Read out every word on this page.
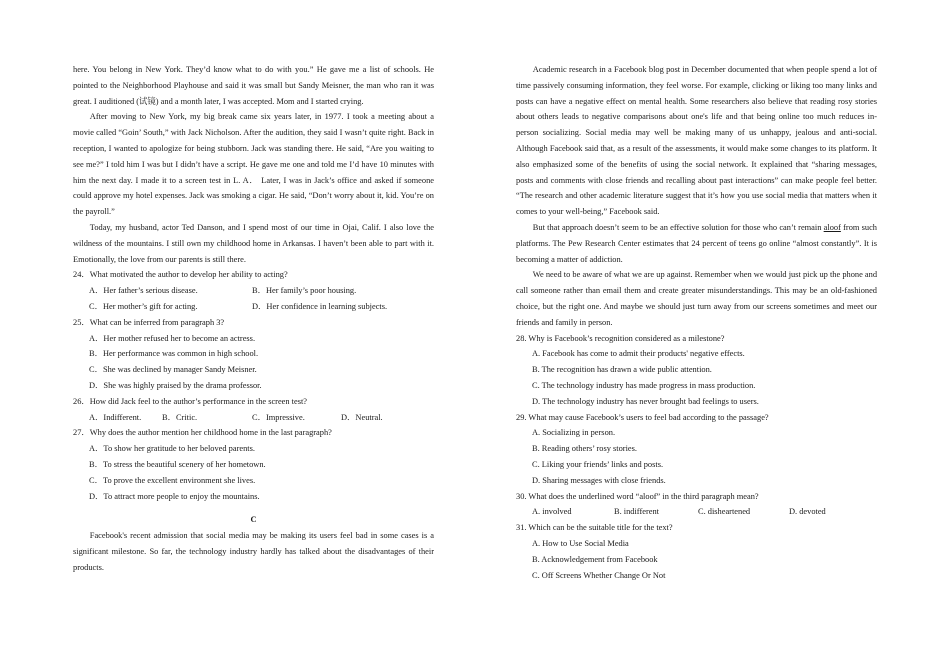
here. You belong in New York. They’d know what to do with you.” He gave me a list of schools. He pointed to the Neighborhood Playhouse and said it was small but Sandy Meisner, the man who ran it was great. I auditioned (试镜) and a month later, I was accepted. Mom and I started crying.

After moving to New York, my big break came six years later, in 1977. I took a meeting about a movie called “Goin’ South,” with Jack Nicholson. After the audition, they said I wasn’t quite right. Back in reception, I wanted to apologize for being stubborn. Jack was standing there. He said, “Are you waiting to see me?” I told him I was but I didn’t have a script. He gave me one and told me I’d have 10 minutes with him the next day. I made it to a screen test in L. A． Later, I was in Jack’s office and asked if someone could approve my hotel expenses. Jack was smoking a cigar. He said, “Don’t worry about it, kid. You’re on the payroll.”

Today, my husband, actor Ted Danson, and I spend most of our time in Ojai, Calif. I also love the wildness of the mountains. I still own my childhood home in Arkansas. I haven’t been able to part with it. Emotionally, the love from our parents is still there.

24．What motivated the author to develop her ability to acting?
A．Her father’s serious disease.	B．Her family’s poor housing.
C．Her mother’s gift for acting.	D．Her confidence in learning subjects.
25．What can be inferred from paragraph 3?
A．Her mother refused her to become an actress.
B．Her performance was common in high school.
C．She was declined by manager Sandy Meisner.
D．She was highly praised by the drama professor.
26．How did Jack feel to the author’s performance in the screen test?
A．Indifferent.	B．Critic.	C．Impressive.	D．Neutral.
27．Why does the author mention her childhood home in the last paragraph?
A．To show her gratitude to her beloved parents.
B．To stress the beautiful scenery of her hometown.
C．To prove the excellent environment she lives.
D．To attract more people to enjoy the mountains.
C

Facebook's recent admission that social media may be making its users feel bad in some cases is a significant milestone. So far, the technology industry hardly has talked about the disadvantages of their products.

Academic research in a Facebook blog post in December documented that when people spend a lot of time passively consuming information, they feel worse. For example, clicking or liking too many links and posts can have a negative effect on mental health. Some researchers also believe that reading rosy stories about others leads to negative comparisons about one's life and that being online too much reduces in-person socializing. Social media may well be making many of us unhappy, jealous and anti-social. Although Facebook said that, as a result of the assessments, it would make some changes to its platform. It also emphasized some of the benefits of using the social network. It explained that “sharing messages, posts and comments with close friends and recalling about past interactions” can make people feel better. “The research and other academic literature suggest that it’s how you use social media that matters when it comes to your well-being,” Facebook said.

But that approach doesn’t seem to be an effective solution for those who can’t remain aloof from such platforms. The Pew Research Center estimates that 24 percent of teens go online “almost constantly”. It is becoming a matter of addiction.

We need to be aware of what we are up against. Remember when we would just pick up the phone and call someone rather than email them and create greater misunderstandings. This may be an old-fashioned choice, but the right one. And maybe we should just turn away from our screens sometimes and meet our friends and family in person.

28. Why is Facebook’s recognition considered as a milestone?
A. Facebook has come to admit their products' negative effects.
B. The recognition has drawn a wide public attention.
C. The technology industry has made progress in mass production.
D. The technology industry has never brought bad feelings to users.
29. What may cause Facebook’s users to feel bad according to the passage?
A. Socializing in person.
B. Reading others’ rosy stories.
C. Liking your friends’ links and posts.
D. Sharing messages with close friends.
30. What does the underlined word “aloof” in the third paragraph mean?
A. involved	B. indifferent	C. disheartened	D. devoted
31. Which can be the suitable title for the text?
A. How to Use Social Media
B. Acknowledgement from Facebook
C. Off Screens Whether Change Or Not
